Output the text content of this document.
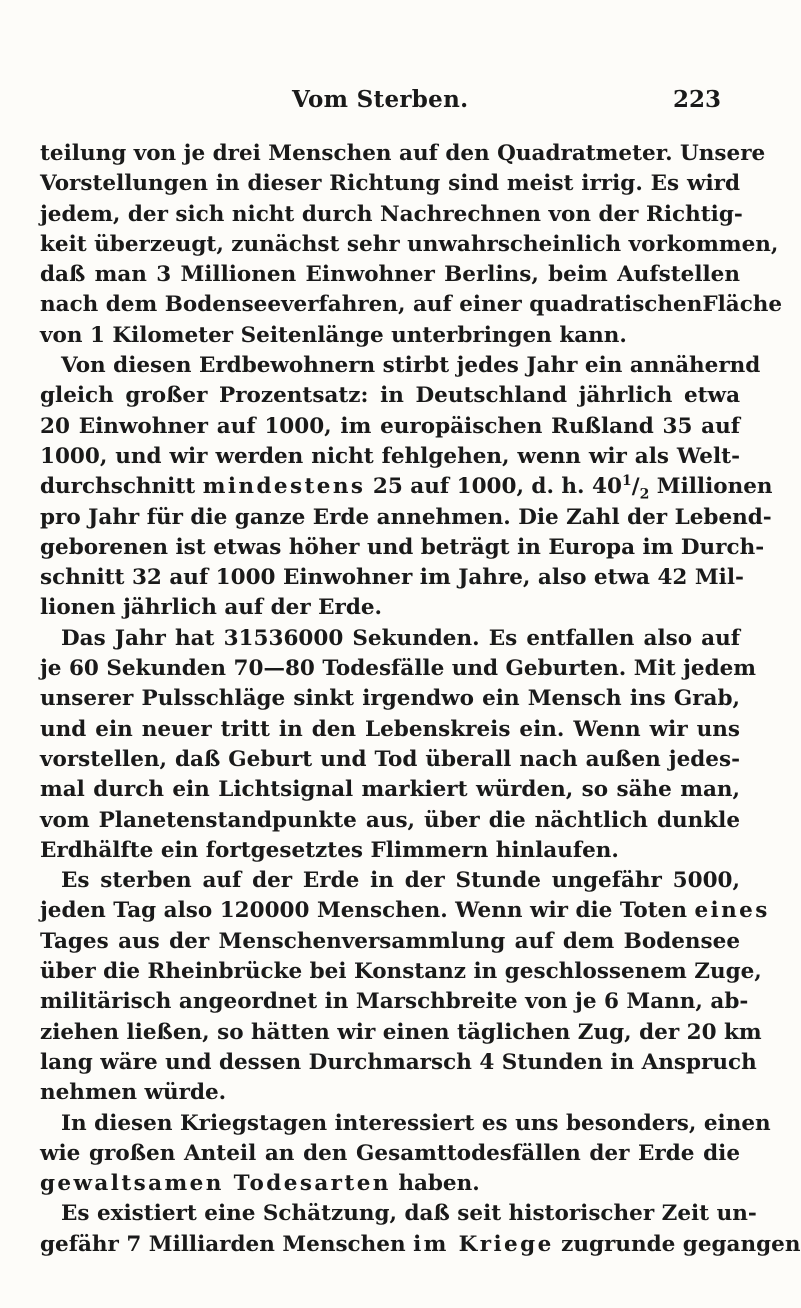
Vom Sterben.	223
teilung von je drei Menschen auf den Quadratmeter. Unsere
Vorstellungen in dieser Richtung sind meist irrig. Es wird
jedem, der sich nicht durch Nachrechnen von der Richtig-
keit überzeugt, zunächst sehr unwahrscheinlich vorkommen,
daß man 3 Millionen Einwohner Berlins, beim Aufstellen
nach dem Bodenseeverfahren, auf einer quadratischenFläche
von 1 Kilometer Seitenlänge unterbringen kann.
Von diesen Erdbewohnern stirbt jedes Jahr ein annähernd
gleich großer Prozentsatz: in Deutschland jährlich etwa
20 Einwohner auf 1000, im europäischen Rußland 35 auf
1000, und wir werden nicht fehlgehen, wenn wir als Welt-
durchschnitt mindestens 25 auf 1000, d. h. $40^1/_2$ Millionen
pro Jahr für die ganze Erde annehmen. Die Zahl der Lebend-
geborenen ist etwas höher und beträgt in Europa im Durch-
schnitt 32 auf 1000 Einwohner im Jahre, also etwa 42 Mil-
lionen jährlich auf der Erde.
Das Jahr hat 31536000 Sekunden. Es entfallen also auf
je 60 Sekunden 70—80 Todesfälle und Geburten. Mit jedem
unserer Pulsschläge sinkt irgendwo ein Mensch ins Grab,
und ein neuer tritt in den Lebenskreis ein. Wenn wir uns
vorstellen, daß Geburt und Tod überall nach außen jedes-
mal durch ein Lichtsignal markiert würden, so sähe man,
vom Planetenstandpunkte aus, über die nächtlich dunkle
Erdhälfte ein fortgesetztes Flimmern hinlaufen.
Es sterben auf der Erde in der Stunde ungefähr 5000,
jeden Tag also 120000 Menschen. Wenn wir die Toten eines
Tages aus der Menschenversammlung auf dem Bodensee
über die Rheinbrücke bei Konstanz in geschlossenem Zuge,
militärisch angeordnet in Marschbreite von je 6 Mann, ab-
ziehen ließen, so hätten wir einen täglichen Zug, der 20 km
lang wäre und dessen Durchmarsch 4 Stunden in Anspruch
nehmen würde.
In diesen Kriegstagen interessiert es uns besonders, einen
wie großen Anteil an den Gesamttodesfällen der Erde die
gewaltsamen Todesarten haben.
Es existiert eine Schätzung, daß seit historischer Zeit un-
gefähr 7 Milliarden Menschen im Kriege zugrunde gegangen
